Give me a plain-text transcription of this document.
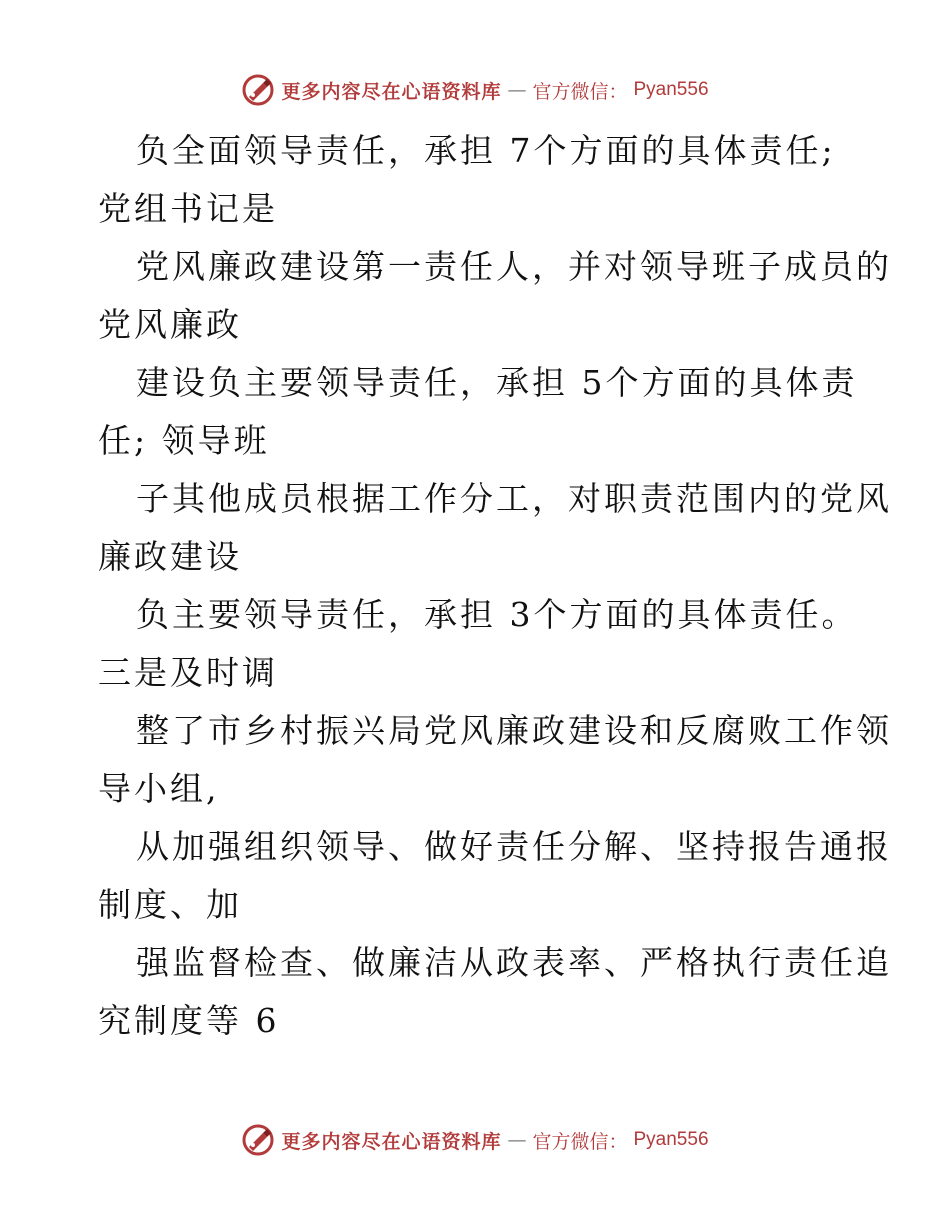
更多内容尽在心语资料库 — 官方微信： Pyan556
负全面领导责任，承担 7个方面的具体责任;
党组书记是
党风廉政建设第一责任人，并对领导班子成员的
党风廉政
建设负主要领导责任，承担 5个方面的具体责
任; 领导班
子其他成员根据工作分工，对职责范围内的党风
廉政建设
负主要领导责任，承担 3个方面的具体责任。
三是及时调
整了市乡村振兴局党风廉政建设和反腐败工作领
导小组,
从加强组织领导、做好责任分解、坚持报告通报
制度、加
强监督检查、做廉洁从政表率、严格执行责任追
究制度等 6
更多内容尽在心语资料库 — 官方微信： Pyan556
